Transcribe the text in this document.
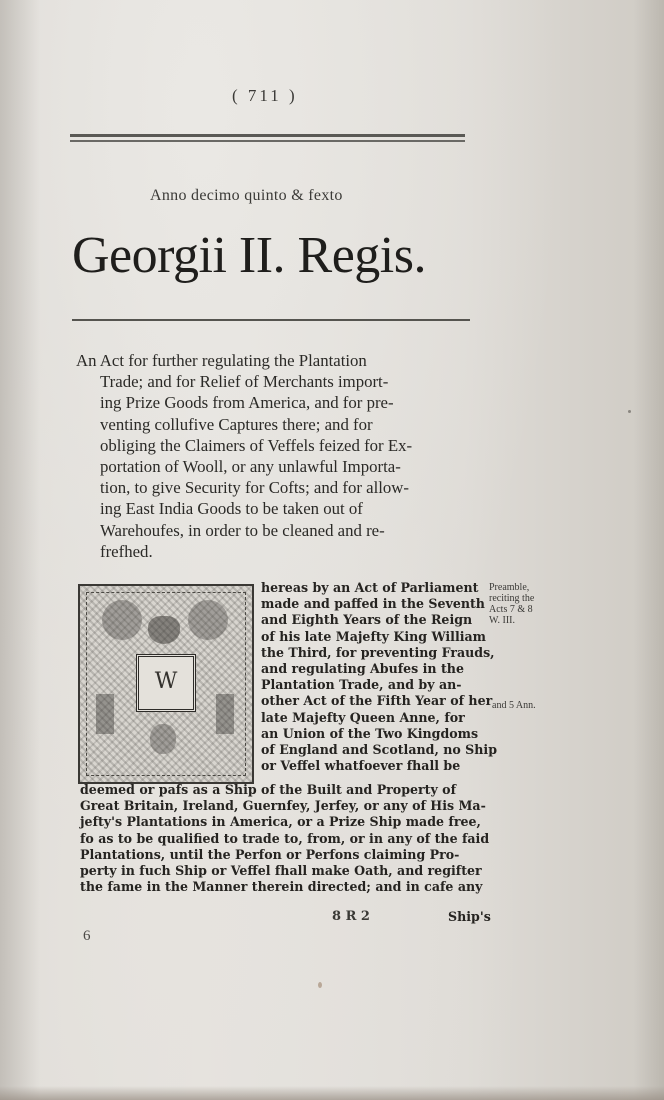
( 711 )
Anno decimo quinto & fexto
Georgii II. Regis.
An Act for further regulating the Plantation
Trade; and for Relief of Merchants import-
ing Prize Goods from America, and for pre-
venting collufive Captures there; and for
obliging the Claimers of Veffels feized for Ex-
portation of Wooll, or any unlawful Importa-
tion, to give Security for Cofts; and for allow-
ing East India Goods to be taken out of
Warehoufes, in order to be cleaned and re-
frefhed.
W
hereas by an Act of Parliament
made and paffed in the Seventh
and Eighth Years of the Reign
of his late Majefty King William
the Third, for preventing Frauds,
and regulating Abufes in the
Plantation Trade, and by an-
other Act of the Fifth Year of her
late Majefty Queen Anne, for
an Union of the Two Kingdoms
of England and Scotland, no Ship
or Veffel whatfoever fhall be
Preamble,
reciting the
Acts 7 & 8
W. III.
and 5 Ann.
deemed or pafs as a Ship of the Built and Property of
Great Britain, Ireland, Guernfey, Jerfey, or any of His Ma-
jefty's Plantations in America, or a Prize Ship made free,
fo as to be qualified to trade to, from, or in any of the faid
Plantations, until the Perfon or Perfons claiming Pro-
perty in fuch Ship or Veffel fhall make Oath, and regifter
the fame in the Manner therein directed; and in cafe any
8 R 2	Ship's
6
